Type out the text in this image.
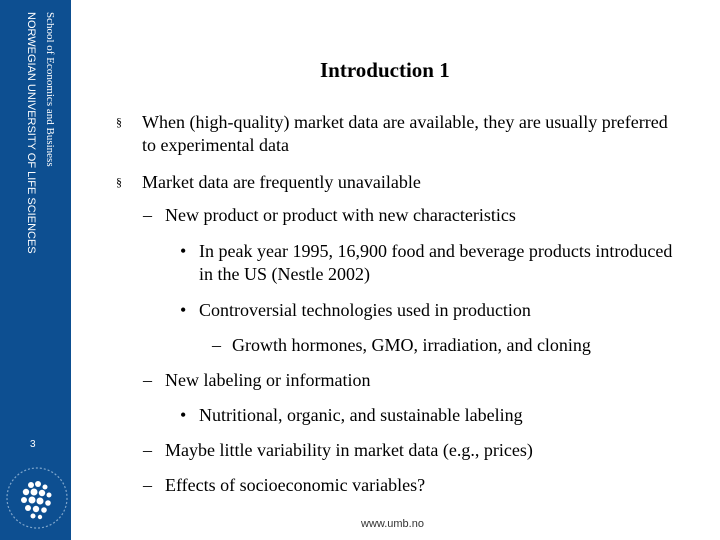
School of Economics and Business
NORWEGIAN UNIVERSITY OF LIFE SCIENCES
3
Introduction 1
§ When (high-quality) market data are available, they are usually preferred to experimental data
§ Market data are frequently unavailable
– New product or product with new characteristics
• In peak year 1995, 16,900 food and beverage products introduced in the US (Nestle 2002)
• Controversial technologies used in production
– Growth hormones, GMO, irradiation, and cloning
– New labeling or information
• Nutritional, organic, and sustainable labeling
– Maybe little variability in market data (e.g., prices)
– Effects of socioeconomic variables?
www.umb.no
